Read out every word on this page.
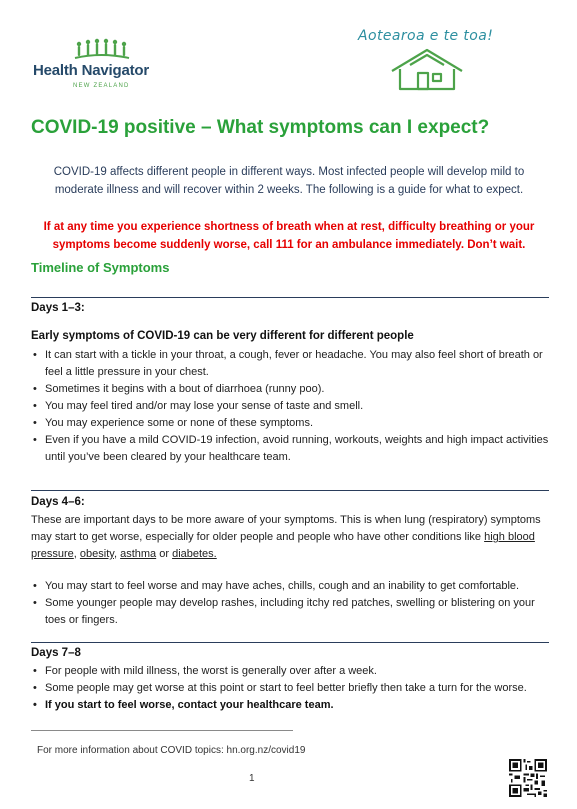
Health Navigator
NEW ZEALAND
Aotearoa e te toa!
COVID-19 positive – What symptoms can I expect?

COVID-19 affects different people in different ways. Most infected people will develop mild to moderate illness and will recover within 2 weeks. The following is a guide for what to expect.

If at any time you experience shortness of breath when at rest, difficulty breathing or your symptoms become suddenly worse, call 111 for an ambulance immediately. Don’t wait.

Timeline of Symptoms

Days 1–3:

Early symptoms of COVID-19 can be very different for different people

• It can start with a tickle in your throat, a cough, fever or headache. You may also feel short of breath or feel a little pressure in your chest.
• Sometimes it begins with a bout of diarrhoea (runny poo).
• You may feel tired and/or may lose your sense of taste and smell.
• You may experience some or none of these symptoms.
• Even if you have a mild COVID-19 infection, avoid running, workouts, weights and high impact activities until you’ve been cleared by your healthcare team.

Days 4–6:

These are important days to be more aware of your symptoms. This is when lung (respiratory) symptoms may start to get worse, especially for older people and people who have other conditions like high blood pressure, obesity, asthma or diabetes.

• You may start to feel worse and may have aches, chills, cough and an inability to get comfortable.
• Some younger people may develop rashes, including itchy red patches, swelling or blistering on your toes or fingers.

Days 7–8

• For people with mild illness, the worst is generally over after a week.
• Some people may get worse at this point or start to feel better briefly then take a turn for the worse.
• If you start to feel worse, contact your healthcare team.

For more information about COVID topics: hn.org.nz/covid19

1
